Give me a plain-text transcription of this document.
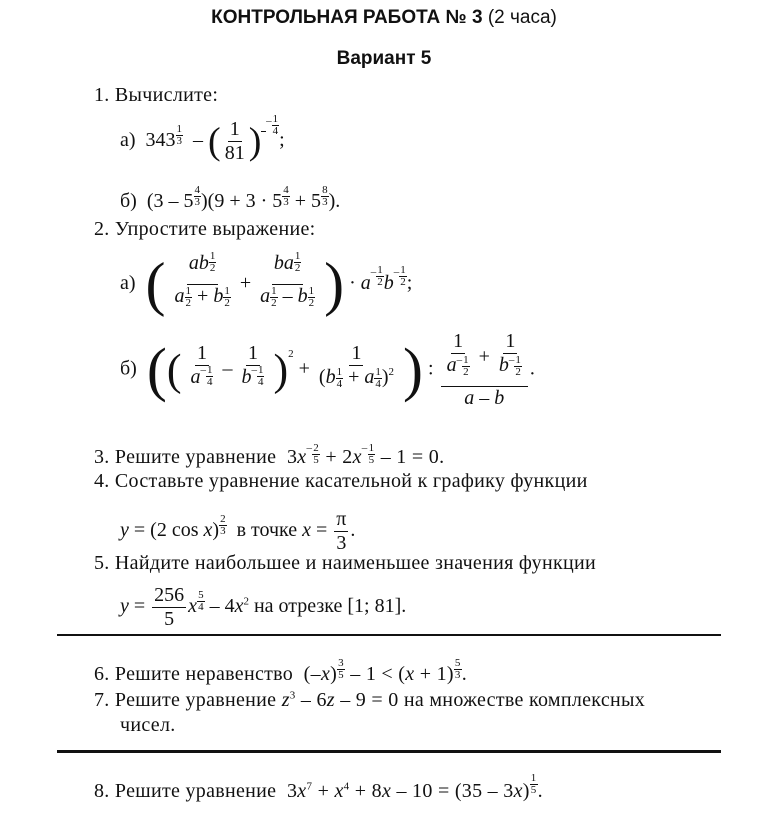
КОНТРОЛЬНАЯ РАБОТА № 3 (2 часа)
Вариант 5
1. Вычислите:
а)  343 $^{\frac{1}{3}}$ – ( $\frac{1}{81}$ )
$^- \frac{1}{4}$
;
б)  $(3 - 5 \frac{4}{3} )(9 + 3 \cdot 5 \frac{4}{3} + 5 \frac{8}{3}$ ).
2. Упростите выражение:
а) ( $\frac{ab \frac{1}{2}}{a \frac{1}{2} + b \frac{1}{2}} + \frac{ba \frac{1}{2}}{a \frac{1}{2} - b \frac{1}{2}}$ ) · $a^- \frac{1}{2} b^- \frac{1}{2}$ ;
б) (( $\frac{1}{a^- \frac{1}{4}} - \frac{1}{b^- \frac{1}{4}} )^2 + \frac{1}{(b \frac{1}{4} + a \frac{1}{4} )^2}$ ) : $\frac{\frac{1}{a^- \frac{1}{2}} + \frac{1}{b^- \frac{1}{2}}}{a - b}$ .
3. Решите уравнение  $3x^- \frac{2}{5} + 2x^- \frac{1}{5} - 1 = 0$.
4. Составьте уравнение касательной к графику функции
y = (2 $\cos x) \frac{2}{3}$ в точке $x = \frac{\pi}{3}$ .
5. Найдите наибольшее и наименьшее значения функции
$y = \frac{256}{5}$ x $\frac{5}{4} - 4x^2$ на отрезке [1; 81].
6. Решите неравенство  $(-x) \frac{3}{5} - 1 < (x + 1) \frac{5}{3}$ .
7. Решите уравнение $z^3 - 6z - 9 = 0$ на множестве комплексных
чисел.
8. Решите уравнение  $3x^7 + x^4 + 8x - 10 = (35 - 3x) \frac{1}{5}$ .
